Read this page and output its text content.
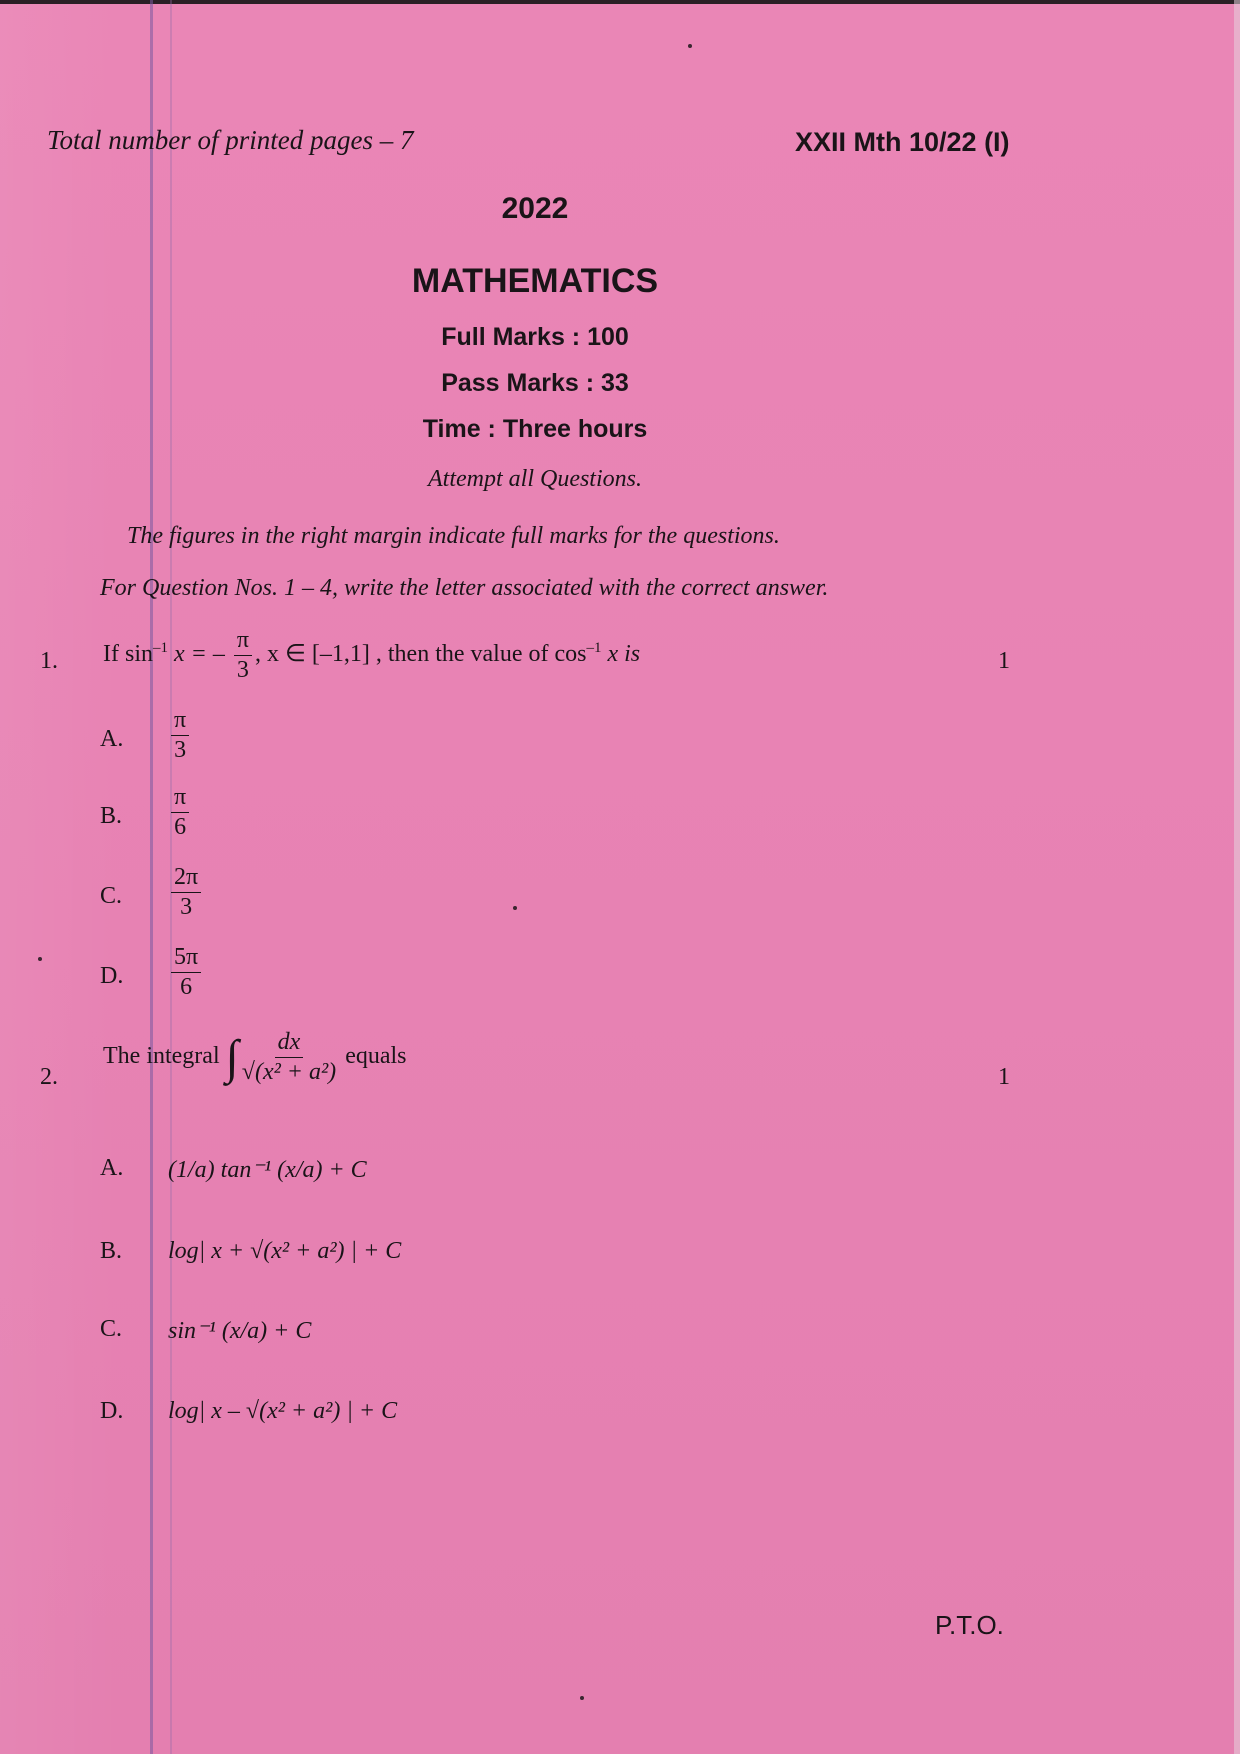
Total number of printed pages – 7	XXII Mth 10/22 (I)
2022
MATHEMATICS
Full Marks : 100
Pass Marks : 33
Time : Three hours
Attempt all Questions.
The figures in the right margin indicate full marks for the questions.
For Question Nos. 1 – 4, write the letter associated with the correct answer.
1. If $\sin^{-1} x$ = – $\frac{\pi}{3}$ , x ∈ [–1,1] , then the value of $\cos^{-1} x$ is	1
A. $\frac{\pi}{3}$
B. $\frac{\pi}{6}$
C. $\frac{2\pi}{3}$
D. $\frac{5\pi}{6}$
2.
The integral ∫ $\frac{dx}{\text{√(x² + a²)}}$ equals
1
A. (1/a) tan⁻¹ (x/a) + C
B. log| x + √(x² + a²) | + C
C. sin⁻¹ (x/a) + C
D. log| x – √(x² + a²) | + C
P.T.O.
